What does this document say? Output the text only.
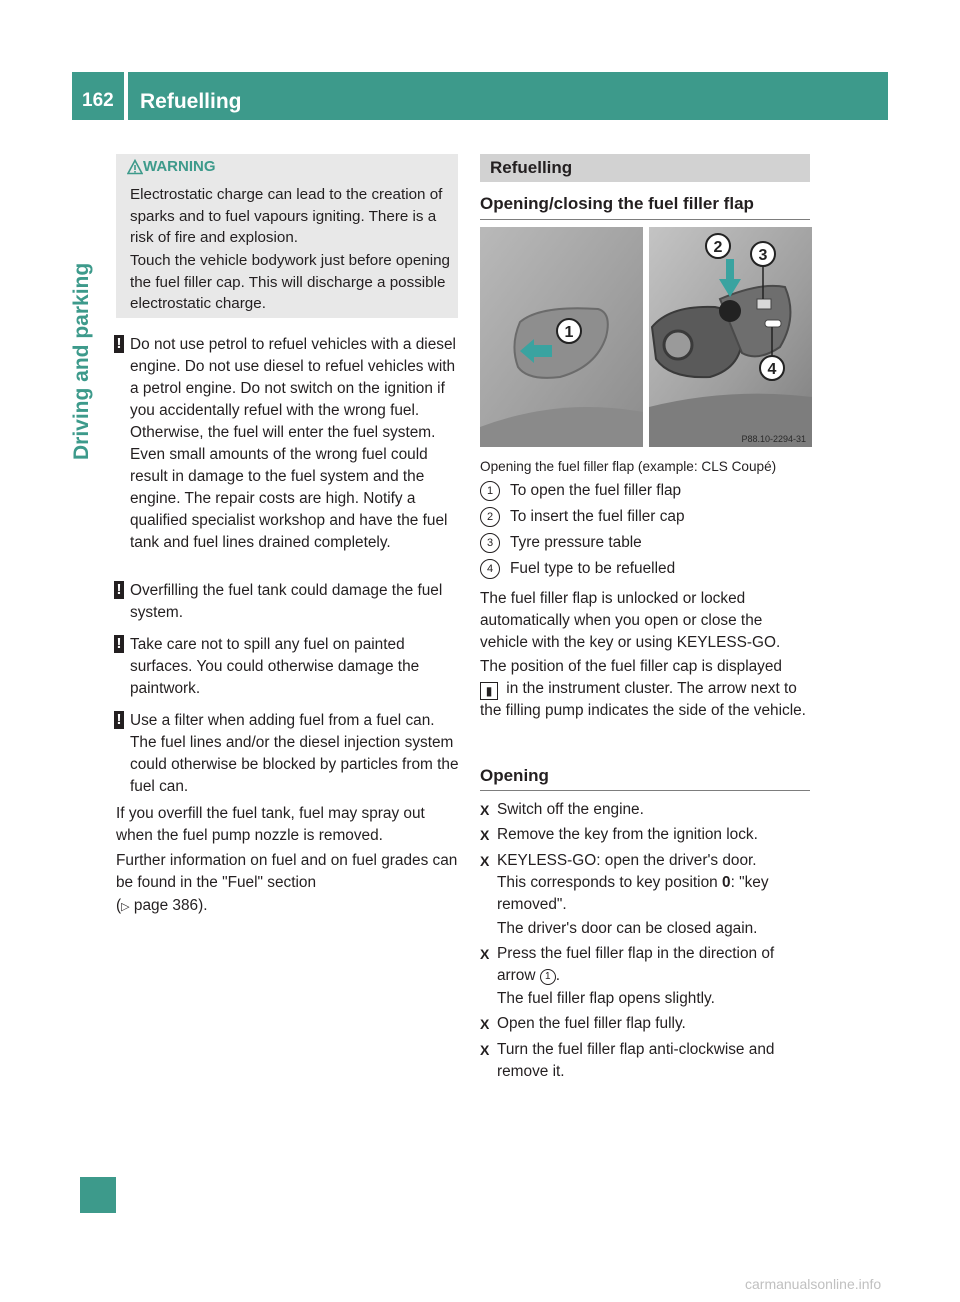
162 Refuelling
Driving and parking
WARNING
Electrostatic charge can lead to the creation of sparks and to fuel vapours igniting. There is a risk of fire and explosion.
Touch the vehicle bodywork just before opening the fuel filler cap. This will discharge a possible electrostatic charge.
! Do not use petrol to refuel vehicles with a diesel engine. Do not use diesel to refuel vehicles with a petrol engine. Do not switch on the ignition if you accidentally refuel with the wrong fuel. Otherwise, the fuel will enter the fuel system. Even small amounts of the wrong fuel could result in damage to the fuel system and the engine. The repair costs are high. Notify a qualified specialist workshop and have the fuel tank and fuel lines drained completely.
! Overfilling the fuel tank could damage the fuel system.
! Take care not to spill any fuel on painted surfaces. You could otherwise damage the paintwork.
! Use a filter when adding fuel from a fuel can. The fuel lines and/or the diesel injection system could otherwise be blocked by particles from the fuel can.
If you overfill the fuel tank, fuel may spray out when the fuel pump nozzle is removed.
Further information on fuel and on fuel grades can be found in the "Fuel" section
(▷ page 386).
Refuelling
Opening/closing the fuel filler flap
1
2 3
4
P88.10-2294-31
Opening the fuel filler flap (example: CLS Coupé)
1 To open the fuel filler flap
2 To insert the fuel filler cap
3 Tyre pressure table
4 Fuel type to be refuelled
The fuel filler flap is unlocked or locked automatically when you open or close the vehicle with the key or using KEYLESS-GO.
The position of the fuel filler cap is displayed
▮ in the instrument cluster. The arrow next to the filling pump indicates the side of the vehicle.
Opening
X Switch off the engine.
X Remove the key from the ignition lock.
X KEYLESS-GO: open the driver's door.
This corresponds to key position 0: "key removed".
The driver's door can be closed again.
X Press the fuel filler flap in the direction of arrow 1 .
The fuel filler flap opens slightly.
X Open the fuel filler flap fully.
X Turn the fuel filler flap anti-clockwise and remove it.
carmanualsonline.info
